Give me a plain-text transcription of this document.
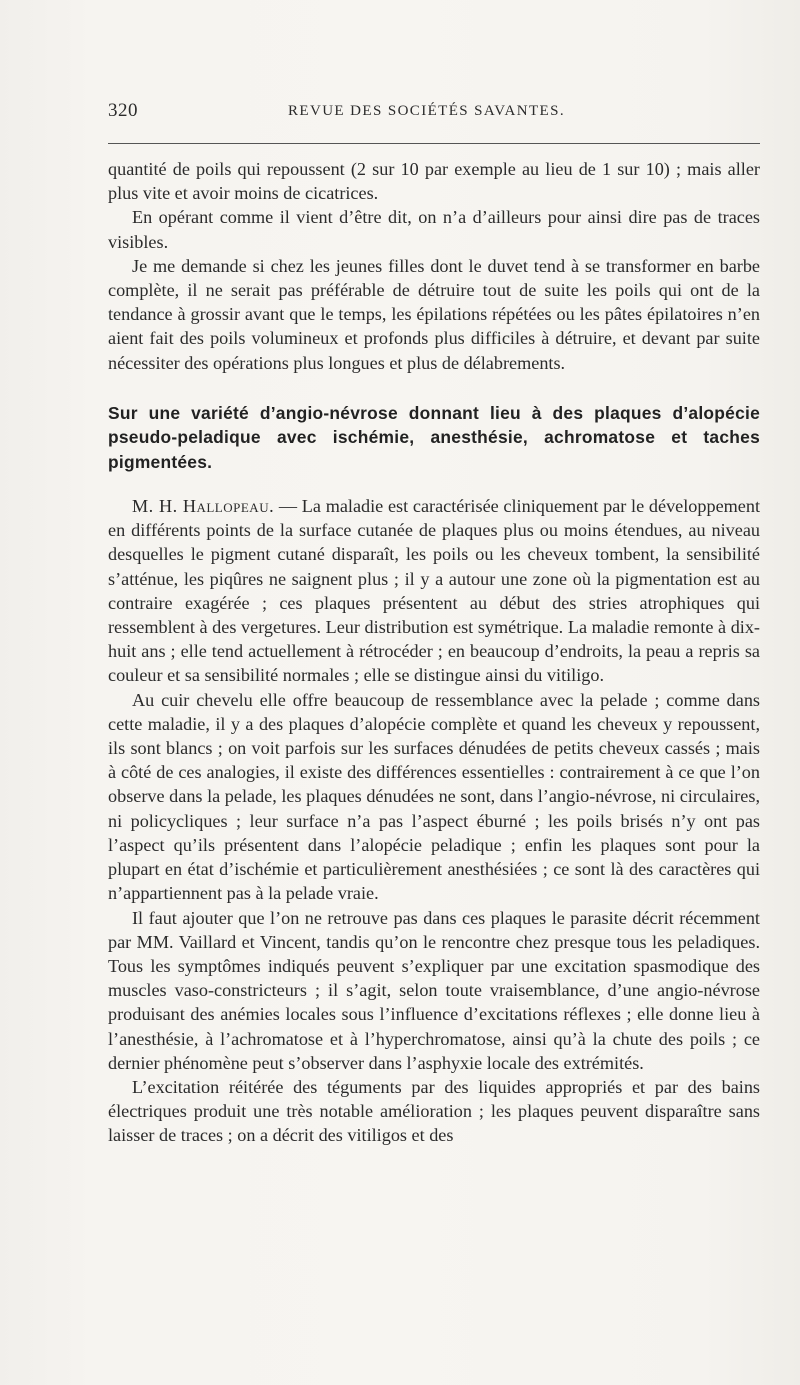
320	REVUE DES SOCIÉTÉS SAVANTES.

quantité de poils qui repoussent (2 sur 10 par exemple au lieu de 1 sur 10) ; mais aller plus vite et avoir moins de cicatrices.

En opérant comme il vient d’être dit, on n’a d’ailleurs pour ainsi dire pas de traces visibles.

Je me demande si chez les jeunes filles dont le duvet tend à se transformer en barbe complète, il ne serait pas préférable de détruire tout de suite les poils qui ont de la tendance à grossir avant que le temps, les épilations répétées ou les pâtes épilatoires n’en aient fait des poils volumineux et profonds plus difficiles à détruire, et devant par suite nécessiter des opérations plus longues et plus de délabrements.

Sur une variété d’angio-névrose donnant lieu à des plaques d’alopécie pseudo-peladique avec ischémie, anesthésie, achromatose et taches pigmentées.

M. H. Hallopeau. — La maladie est caractérisée cliniquement par le développement en différents points de la surface cutanée de plaques plus ou moins étendues, au niveau desquelles le pigment cutané disparaît, les poils ou les cheveux tombent, la sensibilité s’atténue, les piqûres ne saignent plus ; il y a autour une zone où la pigmentation est au contraire exagérée ; ces plaques présentent au début des stries atrophiques qui ressemblent à des vergetures. Leur distribution est symétrique. La maladie remonte à dix-huit ans ; elle tend actuellement à rétrocéder ; en beaucoup d’endroits, la peau a repris sa couleur et sa sensibilité normales ; elle se distingue ainsi du vitiligo.

Au cuir chevelu elle offre beaucoup de ressemblance avec la pelade ; comme dans cette maladie, il y a des plaques d’alopécie complète et quand les cheveux y repoussent, ils sont blancs ; on voit parfois sur les surfaces dénudées de petits cheveux cassés ; mais à côté de ces analogies, il existe des différences essentielles : contrairement à ce que l’on observe dans la pelade, les plaques dénudées ne sont, dans l’angio-névrose, ni circulaires, ni policycliques ; leur surface n’a pas l’aspect éburné ; les poils brisés n’y ont pas l’aspect qu’ils présentent dans l’alopécie peladique ; enfin les plaques sont pour la plupart en état d’ischémie et particulièrement anesthésiées ; ce sont là des caractères qui n’appartiennent pas à la pelade vraie.

Il faut ajouter que l’on ne retrouve pas dans ces plaques le parasite décrit récemment par MM. Vaillard et Vincent, tandis qu’on le rencontre chez presque tous les peladiques. Tous les symptômes indiqués peuvent s’expliquer par une excitation spasmodique des muscles vaso-constricteurs ; il s’agit, selon toute vraisemblance, d’une angio-névrose produisant des anémies locales sous l’influence d’excitations réflexes ; elle donne lieu à l’anesthésie, à l’achromatose et à l’hyperchromatose, ainsi qu’à la chute des poils ; ce dernier phénomène peut s’observer dans l’asphyxie locale des extrémités.

L’excitation réitérée des téguments par des liquides appropriés et par des bains électriques produit une très notable amélioration ; les plaques peuvent disparaître sans laisser de traces ; on a décrit des vitiligos et des
